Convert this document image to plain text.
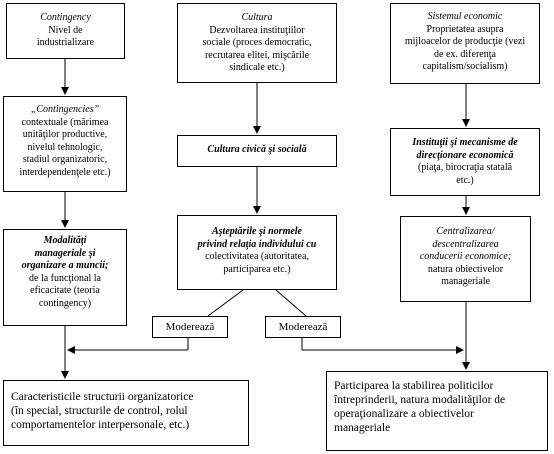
Contingency
Nivel de
industrializare
„Contingencies”
contextuale (mărimea
unităţilor productive,
nivelul tehnologic,
stadiul organizatoric,
interdependenţele etc.)
Modalităţi
manageriale şi
organizare a muncii;
de la funcţional la
eficacitate (teoria
contingency)
Cultura
Dezvoltarea instituţiilor
sociale (proces democratic,
recrutarea elitei, mişcările
sindicale etc.)
Cultura civică şi socială
Aşteptările şi normele
privind relaţia individului cu
colectivitatea (autoritatea,
participarea etc.)
Sistemul economic
Proprietatea asupra
mijloacelor de producţie (vezi
de ex. diferenţa
capitalism/socialism)
Instituţii şi mecanisme de
direcţionare economică
(piaţa, birocraţia statală
etc.)
Centralizarea/
descentralizarea
conducerii economice;
natura obiectivelor
manageriale
Moderează	Moderează
Caracteristicile structurii organizatorice
(în special, structurile de control, rolul
comportamentelor interpersonale, etc.)
Participarea la stabilirea politicilor
întreprinderii, natura modalităţilor de
operaţionalizare a obiectivelor
manageriale
